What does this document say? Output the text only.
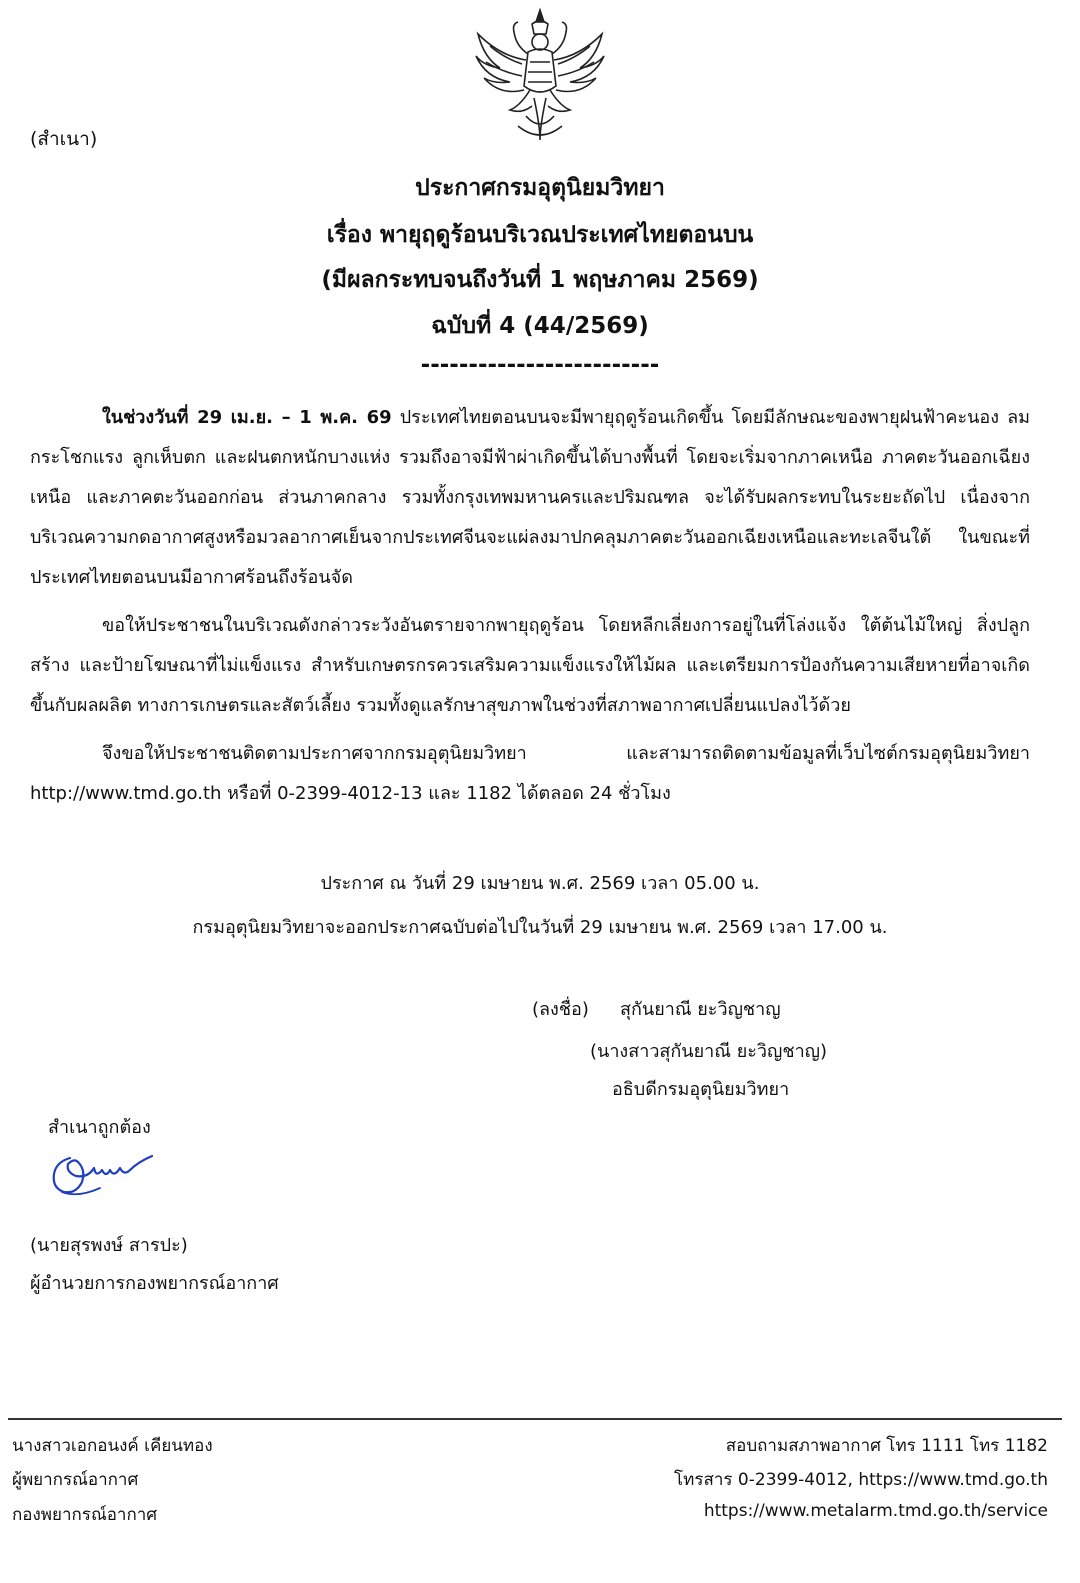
(สำเนา)
ประกาศกรมอุตุนิยมวิทยา
เรื่อง พายุฤดูร้อนบริเวณประเทศไทยตอนบน
(มีผลกระทบจนถึงวันที่ 1 พฤษภาคม 2569)
ฉบับที่ 4 (44/2569)
-------------------------

ในช่วงวันที่ 29 เม.ย. – 1 พ.ค. 69 ประเทศไทยตอนบนจะมีพายุฤดูร้อนเกิดขึ้น โดยมีลักษณะของพายุฝนฟ้าคะนอง ลมกระโชกแรง ลูกเห็บตก และฝนตกหนักบางแห่ง รวมถึงอาจมีฟ้าผ่าเกิดขึ้นได้บางพื้นที่ โดยจะเริ่มจากภาคเหนือ ภาคตะวันออกเฉียงเหนือ และภาคตะวันออกก่อน ส่วนภาคกลาง รวมทั้งกรุงเทพมหานครและปริมณฑล จะได้รับผลกระทบในระยะถัดไป เนื่องจากบริเวณความกดอากาศสูงหรือมวลอากาศเย็นจากประเทศจีนจะแผ่ลงมาปกคลุมภาคตะวันออกเฉียงเหนือและทะเลจีนใต้ ในขณะที่ประเทศไทยตอนบนมีอากาศร้อนถึงร้อนจัด

ขอให้ประชาชนในบริเวณดังกล่าวระวังอันตรายจากพายุฤดูร้อน โดยหลีกเลี่ยงการอยู่ในที่โล่งแจ้ง ใต้ต้นไม้ใหญ่ สิ่งปลูกสร้าง และป้ายโฆษณาที่ไม่แข็งแรง สำหรับเกษตรกรควรเสริมความแข็งแรงให้ไม้ผล และเตรียมการป้องกันความเสียหายที่อาจเกิดขึ้นกับผลผลิต ทางการเกษตรและสัตว์เลี้ยง รวมทั้งดูแลรักษาสุขภาพในช่วงที่สภาพอากาศเปลี่ยนแปลงไว้ด้วย

จึงขอให้ประชาชนติดตามประกาศจากกรมอุตุนิยมวิทยา และสามารถติดตามข้อมูลที่เว็บไซต์กรมอุตุนิยมวิทยา http://www.tmd.go.th หรือที่ 0-2399-4012-13 และ 1182 ได้ตลอด 24 ชั่วโมง

ประกาศ ณ วันที่ 29 เมษายน พ.ศ. 2569 เวลา 05.00 น.
กรมอุตุนิยมวิทยาจะออกประกาศฉบับต่อไปในวันที่ 29 เมษายน พ.ศ. 2569 เวลา 17.00 น.
(ลงชื่อ) สุกันยาณี ยะวิญชาญ
(นางสาวสุกันยาณี ยะวิญชาญ)
อธิบดีกรมอุตุนิยมวิทยา
สำเนาถูกต้อง
(นายสุรพงษ์ สารปะ)
ผู้อำนวยการกองพยากรณ์อากาศ
นางสาวเอกอนงค์ เคียนทอง
ผู้พยากรณ์อากาศ
กองพยากรณ์อากาศ
สอบถามสภาพอากาศ โทร 1111 โทร 1182
โทรสาร 0-2399-4012, https://www.tmd.go.th
https://www.metalarm.tmd.go.th/service
